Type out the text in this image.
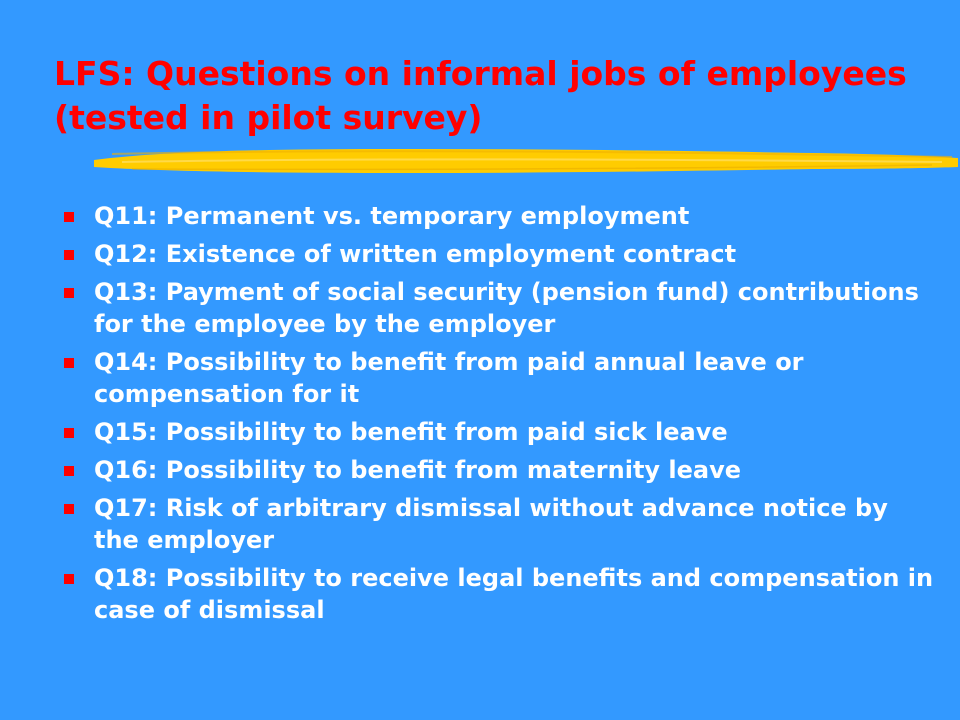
LFS: Questions on informal jobs of employees (tested in pilot survey)
Q11: Permanent vs. temporary employment
Q12: Existence of written employment contract
Q13: Payment of social security (pension fund) contributions for the employee by the employer
Q14: Possibility to benefit from paid annual leave or compensation for it
Q15: Possibility to benefit from paid sick leave
Q16: Possibility to benefit from maternity leave
Q17: Risk of arbitrary dismissal without advance notice by the employer
Q18: Possibility to receive legal benefits and compensation in case of dismissal
